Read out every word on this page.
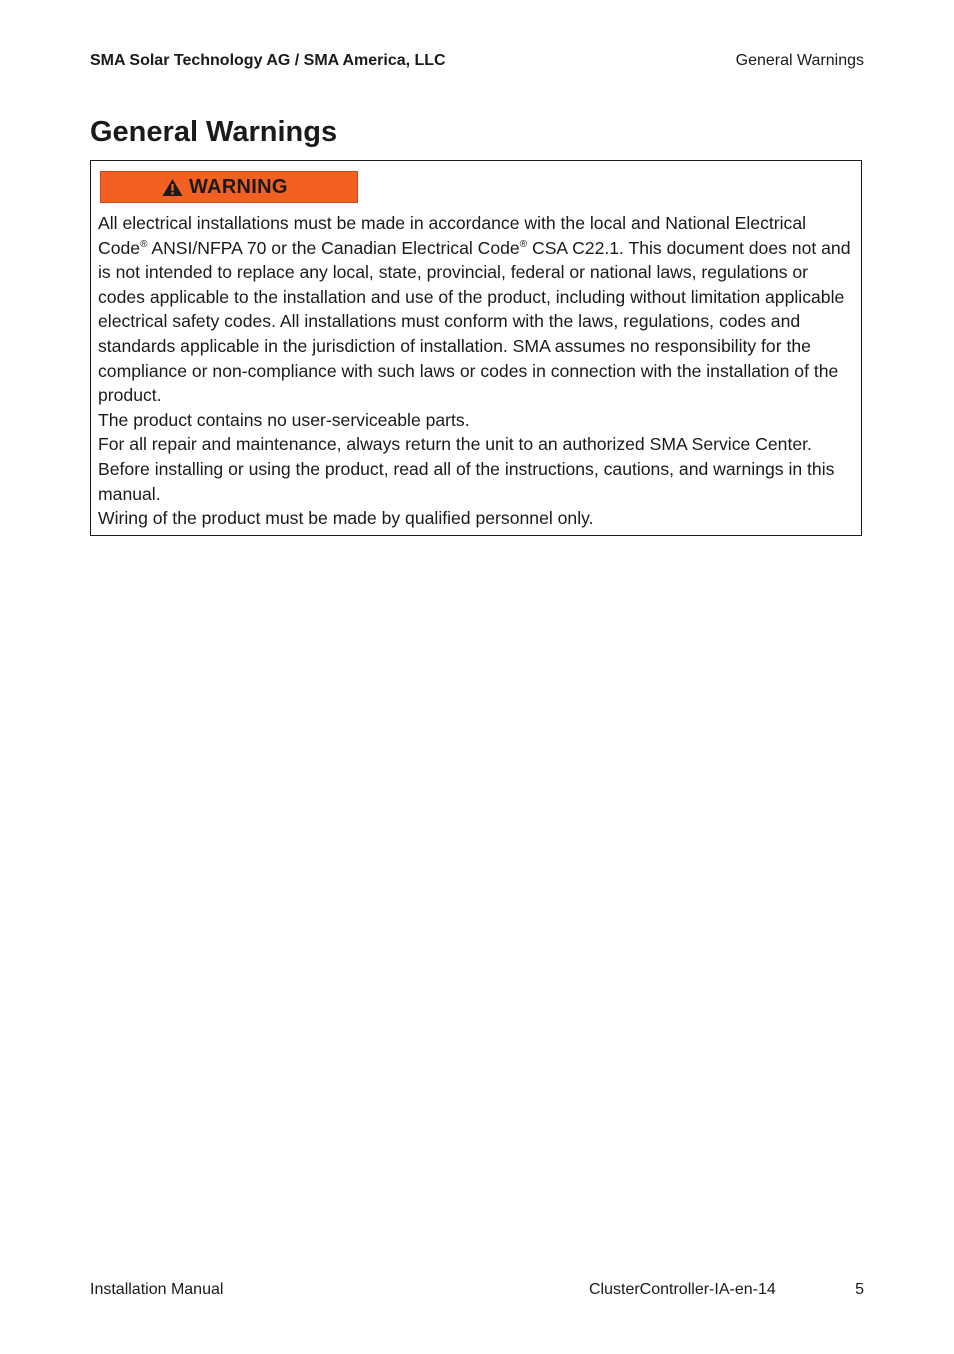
SMA Solar Technology AG / SMA America, LLC	General Warnings
General Warnings
WARNING

All electrical installations must be made in accordance with the local and National Electrical Code® ANSI/NFPA 70 or the Canadian Electrical Code® CSA C22.1. This document does not and is not intended to replace any local, state, provincial, federal or national laws, regulations or codes applicable to the installation and use of the product, including without limitation applicable electrical safety codes. All installations must conform with the laws, regulations, codes and standards applicable in the jurisdiction of installation. SMA assumes no responsibility for the compliance or non-compliance with such laws or codes in connection with the installation of the product.

The product contains no user-serviceable parts.

For all repair and maintenance, always return the unit to an authorized SMA Service Center.

Before installing or using the product, read all of the instructions, cautions, and warnings in this manual.

Wiring of the product must be made by qualified personnel only.

Installation Manual	ClusterController-IA-en-14	5
